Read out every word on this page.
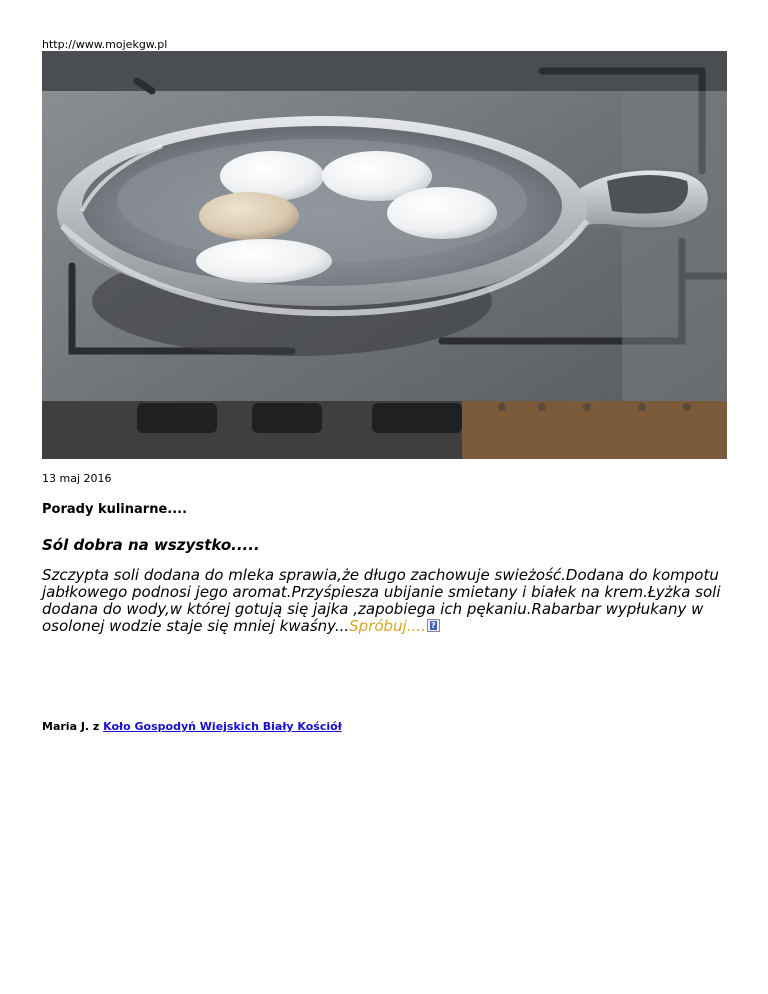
http://www.mojekgw.pl
13 maj 2016
Porady kulinarne....
Sól dobra na wszystko.....
Szczypta soli dodana do mleka sprawia,że długo zachowuje swieżość.Dodana do kompotu jabłkowego podnosi jego aromat.Przyśpiesza ubijanie smietany i białek na krem.Łyżka soli dodana do wody,w której gotują się jajka ,zapobiega ich pękaniu.Rabarbar wypłukany w osolonej wodzie staje się mniej kwaśny...Spróbuj.... ?
Maria J. z Koło Gospodyń Wiejskich Biały Kościół
